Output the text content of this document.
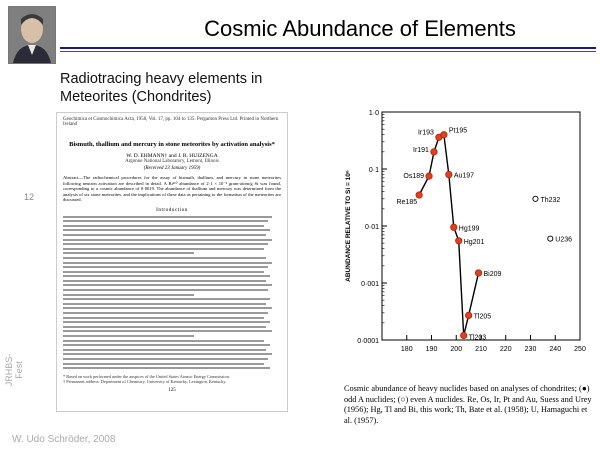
Cosmic Abundance of Elements
Radiotracing heavy elements in
Meteorites (Chondrites)
12
JRHBS-Fest
W. Udo Schröder, 2008
Geochimica et Cosmochimica Acta, 1958, Vol. 17, pp. 104 to 135. Pergamon Press Ltd. Printed in Northern Ireland
Bismuth, thallium and mercury in stone meteorites by activation analysis*
W. D. EHMANN† and J. R. HUIZENGA
Argonne National Laboratory, Lemont, Illinois
(Received 23 January 1959)
Abstract—The radiochemical procedures for the assay of bismuth, thallium, and mercury in stone meteorites following neutron activation are described in detail. A Bi²¹⁰ abundance of 2·1 × 10⁻² gram-atom/g Si was found, corresponding to a cosmic abundance of 0·0019. The abundance of thallium and mercury was determined from the analysis of six stone meteorites, and the implications of these data as pertaining to the formation of the meteorites are discussed.
Introduction
* Based on work performed under the auspices of the United States Atomic Energy Commission.
† Permanent address: Department of Chemistry, University of Kentucky, Lexington, Kentucky.
125
1·0
0·1
0·01
0·001
0·0001
180 190 200 210 220 230 240 250
ABUNDANCE RELATIVE TO Si = 10⁶	Re185
Os189
Ir191
Ir193 Pt195
Au197
Hg199
Hg201
Tl205
Tl203
Bi209
Th232
U236
Cosmic abundance of heavy nuclides based on analyses of chondrites; (●) odd A nuclides; (○) even A nuclides. Re, Os, Ir, Pt and Au, Suess and Urey (1956); Hg, Tl and Bi, this work; Th, Bate et al. (1958); U, Hamaguchi et al. (1957).
